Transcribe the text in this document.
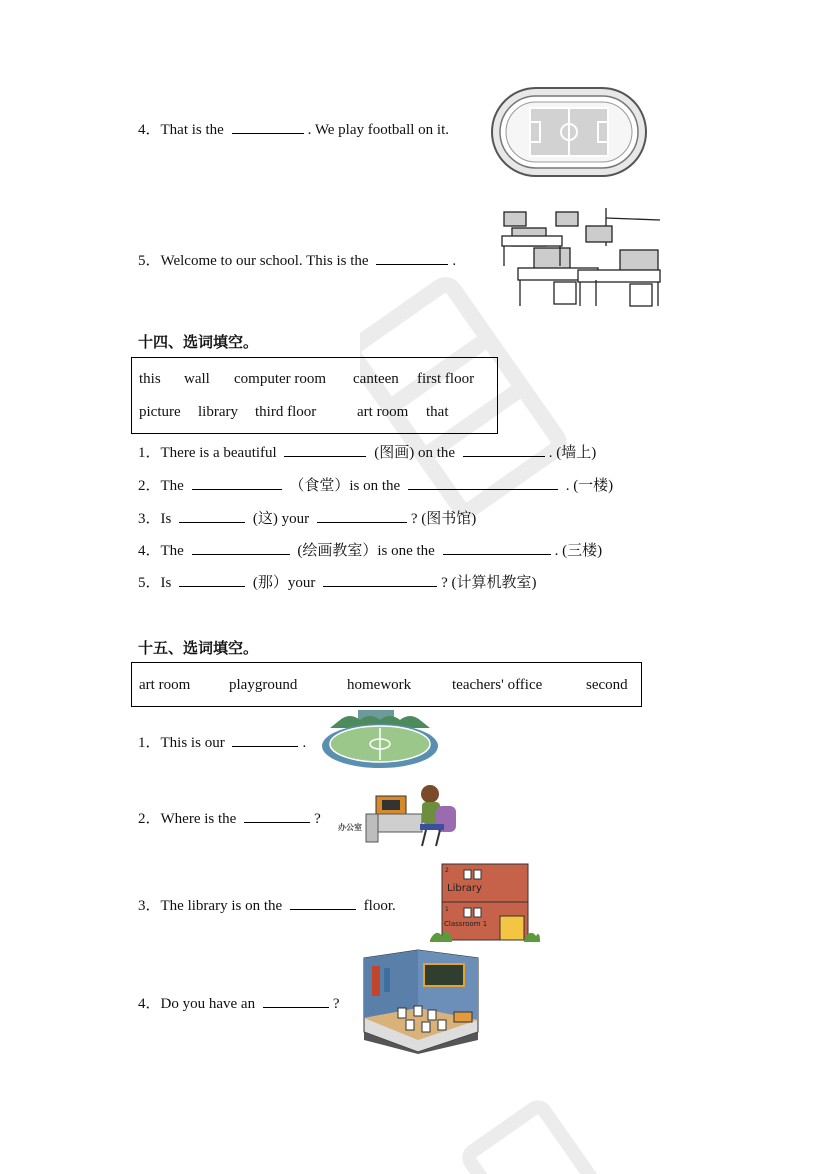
4．That is the	. We play football on it.
5．Welcome to our school. This is the	.
十四、选词填空。
this wall computer room canteen first floor
picture library third floor	art room that
1．There is a beautiful	(图画) on the	. (墙上)
2．The	（食堂）is on the	. (一楼)
3．Is	(这) your	? (图书馆)
4．The	(绘画教室）is one the	. (三楼)
5．Is	(那）your	? (计算机教室)
十五、选词填空。
art room	playground	homework	teachers' office	second
1．This is our	.
2．Where is the	?
办公室
3．The library is on the	floor.
2
Library
1
Classroom 1
4．Do you have an	?
